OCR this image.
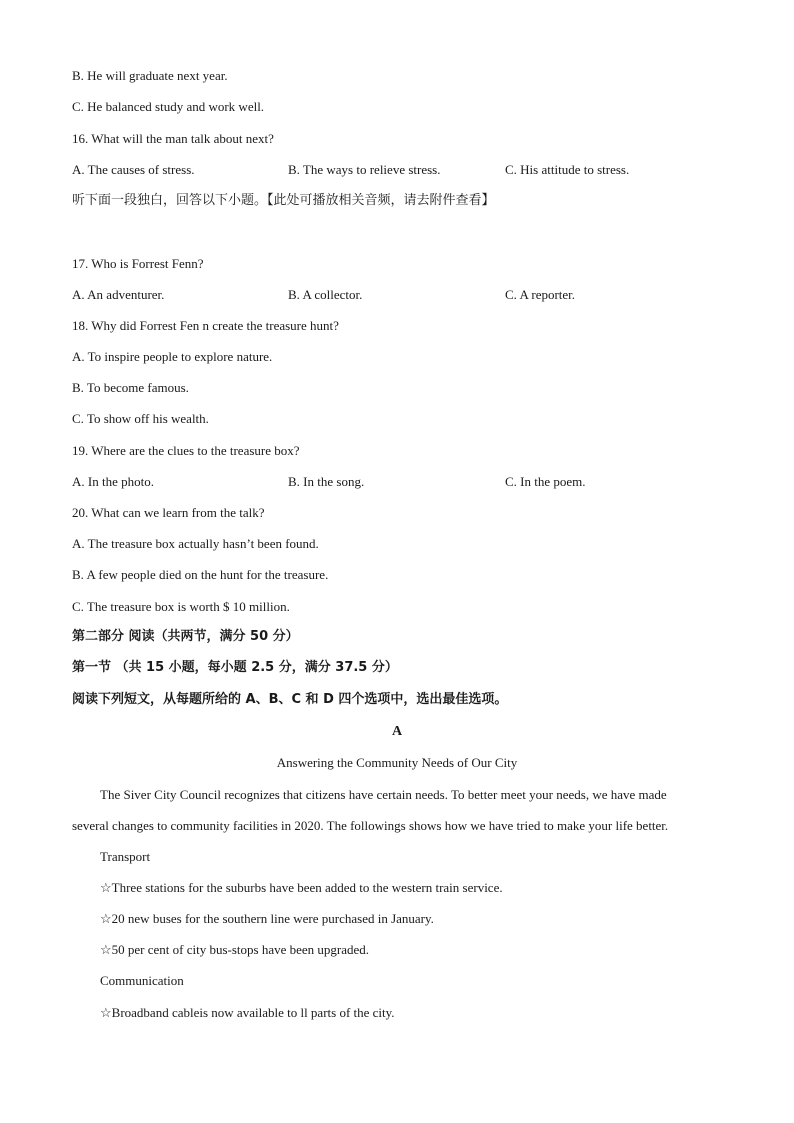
B. He will graduate next year.
C. He balanced study and work well.
16. What will the man talk about next?
A. The causes of stress.	B. The ways to relieve stress.	C. His attitude to stress.
听下面一段独白，回答以下小题。【此处可播放相关音频，请去附件查看】
17. Who is Forrest Fenn?
A. An adventurer.	B. A collector.	C. A reporter.
18. Why did Forrest Fen n create the treasure hunt?
A. To inspire people to explore nature.
B. To become famous.
C. To show off his wealth.
19. Where are the clues to the treasure box?
A. In the photo.	B. In the song.	C. In the poem.
20. What can we learn from the talk?
A. The treasure box actually hasn’t been found.
B. A few people died on the hunt for the treasure.
C. The treasure box is worth $ 10 million.
第二部分 阅读（共两节，满分 50 分）
第一节 （共 15 小题，每小题 2.5 分，满分 37.5 分）
阅读下列短文，从每题所给的 A、B、C 和 D 四个选项中，选出最佳选项。
A
Answering the Community Needs of Our City
The Siver City Council recognizes that citizens have certain needs. To better meet your needs, we have made
several changes to community facilities in 2020. The followings shows how we have tried to make your life better.
Transport
☆Three stations for the suburbs have been added to the western train service.
☆20 new buses for the southern line were purchased in January.
☆50 per cent of city bus-stops have been upgraded.
Communication
☆Broadband cableis now available to ll parts of the city.
